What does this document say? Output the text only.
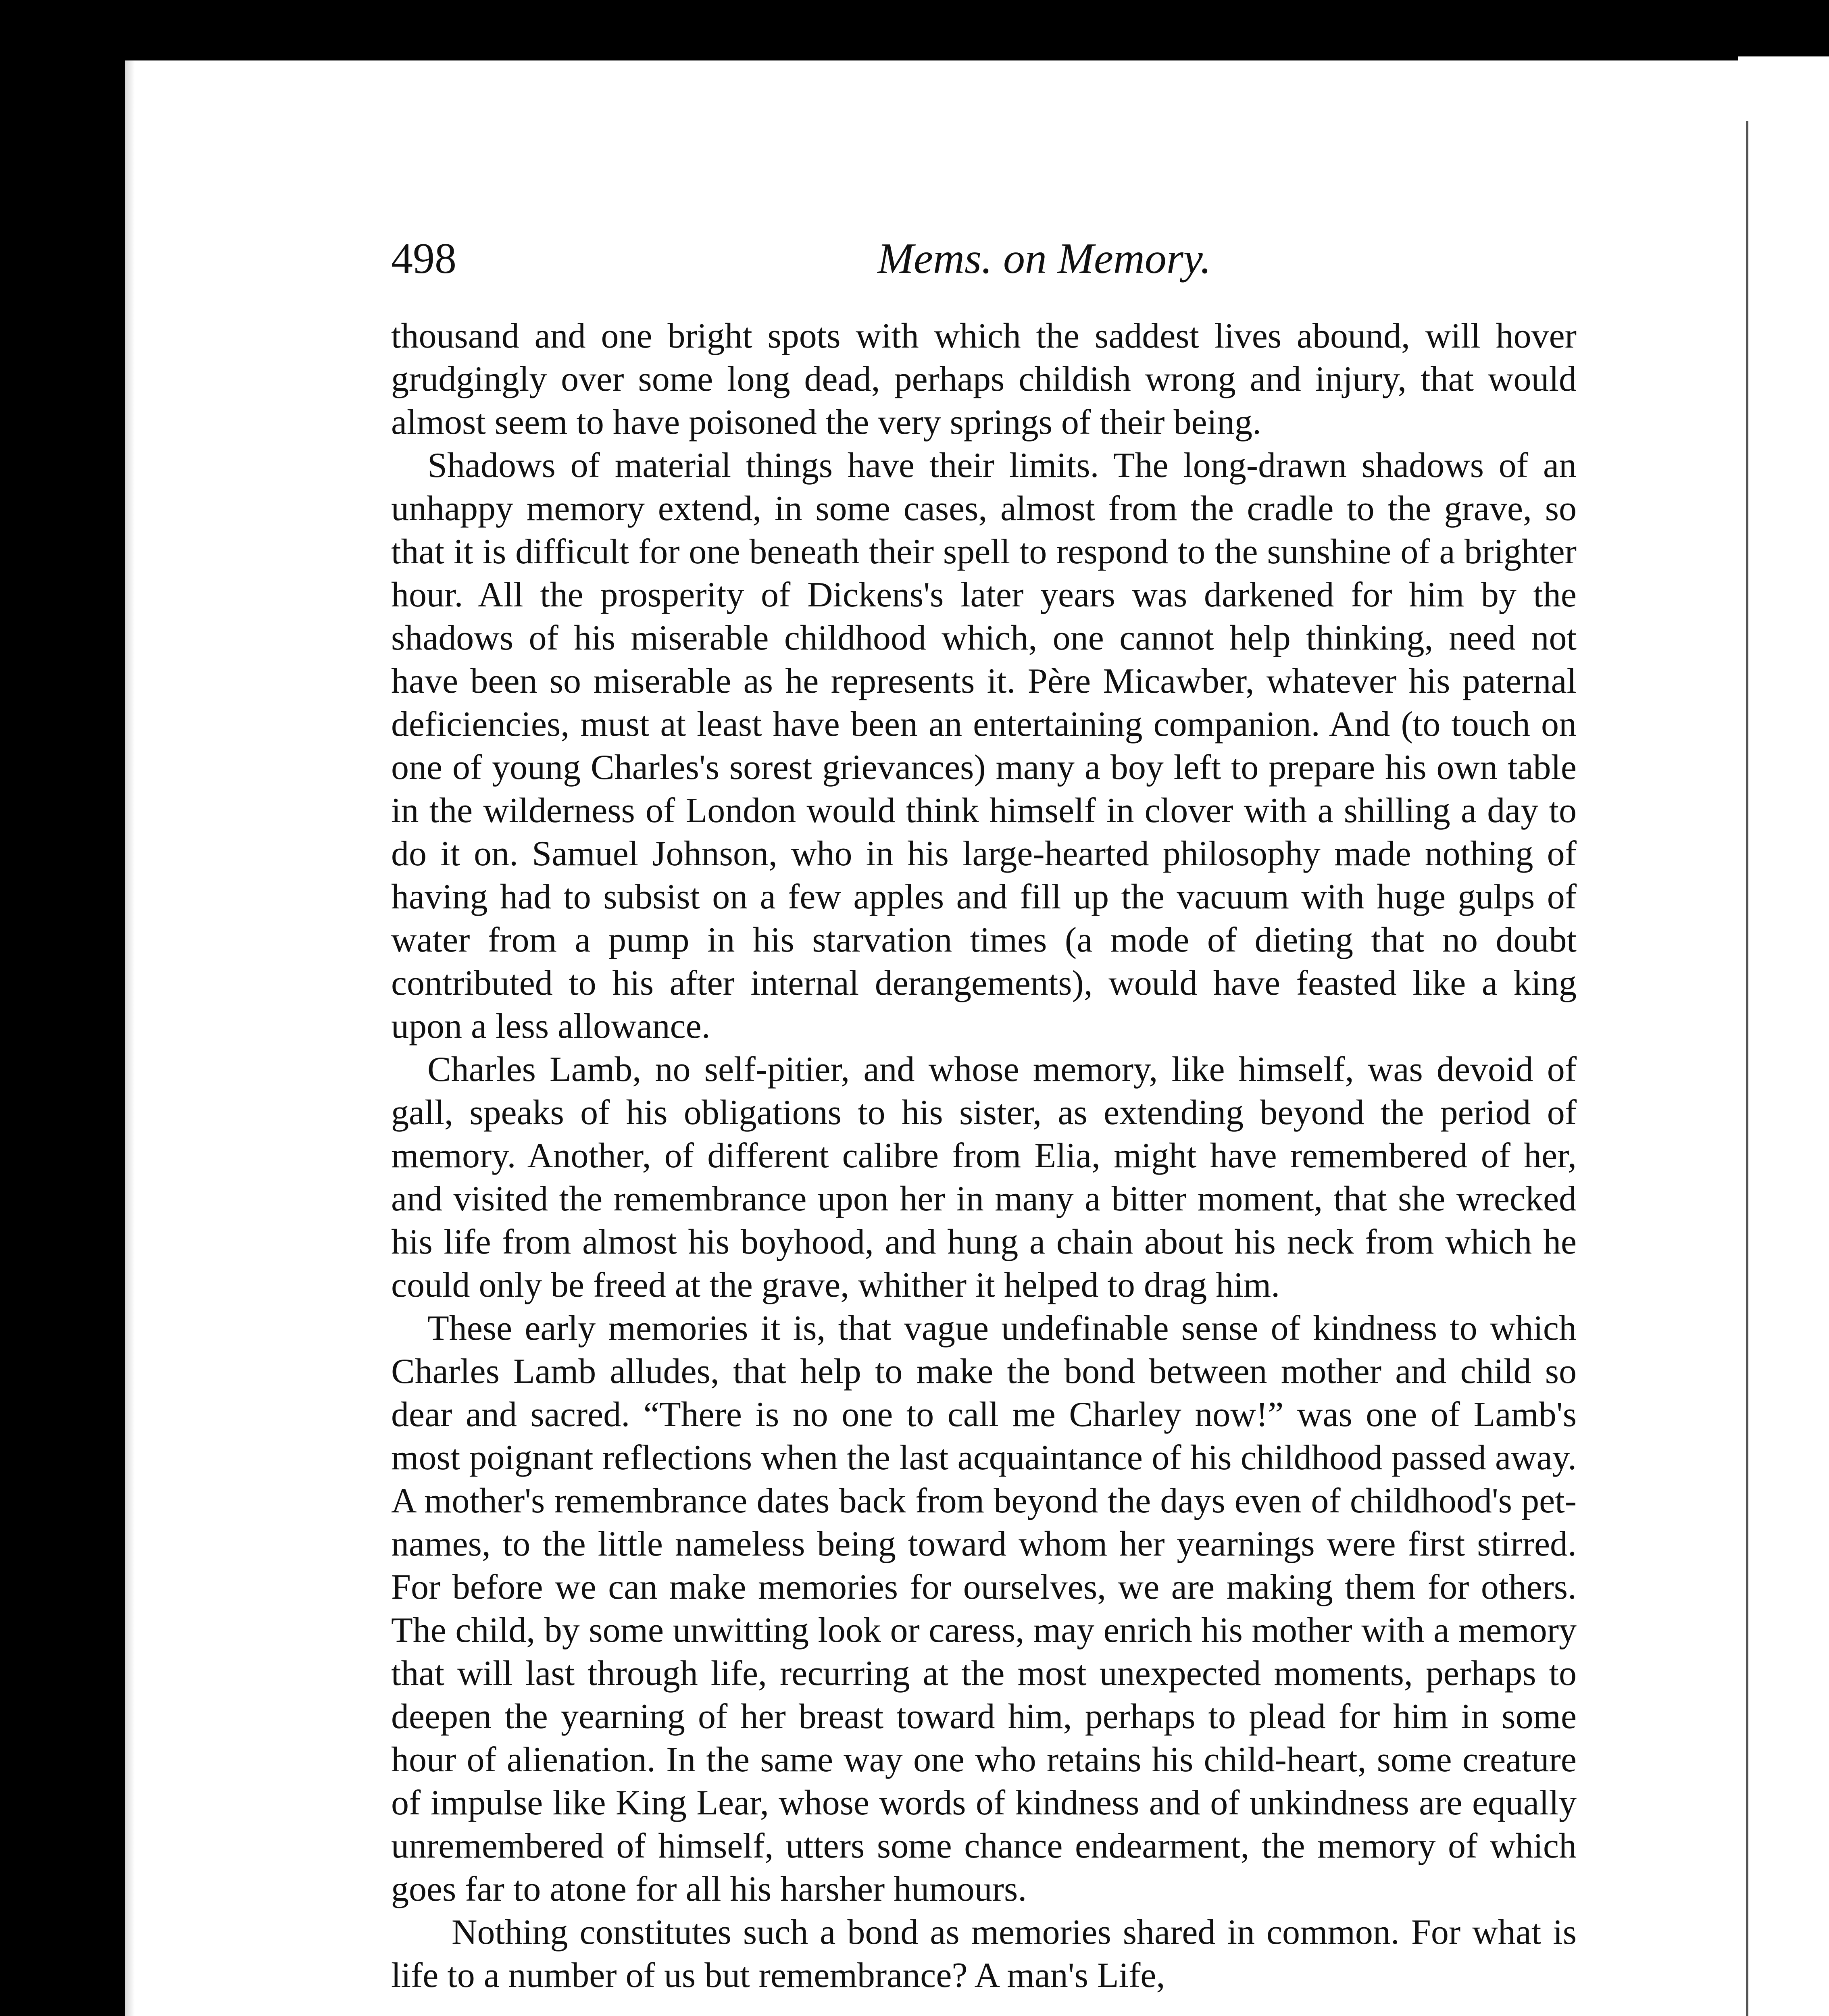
498	Mems. on Memory.

thousand and one bright spots with which the saddest lives abound, will hover grudgingly over some long dead, perhaps childish wrong and injury, that would almost seem to have poisoned the very springs of their being.

Shadows of material things have their limits. The long-drawn shadows of an unhappy memory extend, in some cases, almost from the cradle to the grave, so that it is difficult for one beneath their spell to respond to the sunshine of a brighter hour. All the prosperity of Dickens's later years was darkened for him by the shadows of his miserable childhood which, one cannot help thinking, need not have been so miserable as he represents it. Père Micawber, whatever his paternal deficiencies, must at least have been an entertaining companion. And (to touch on one of young Charles's sorest grievances) many a boy left to prepare his own table in the wilderness of London would think himself in clover with a shilling a day to do it on. Samuel Johnson, who in his large-hearted philosophy made nothing of having had to subsist on a few apples and fill up the vacuum with huge gulps of water from a pump in his starvation times (a mode of dieting that no doubt contributed to his after internal derangements), would have feasted like a king upon a less allowance.

Charles Lamb, no self-pitier, and whose memory, like himself, was devoid of gall, speaks of his obligations to his sister, as extending beyond the period of memory. Another, of different calibre from Elia, might have remembered of her, and visited the remembrance upon her in many a bitter moment, that she wrecked his life from almost his boyhood, and hung a chain about his neck from which he could only be freed at the grave, whither it helped to drag him.

These early memories it is, that vague undefinable sense of kindness to which Charles Lamb alludes, that help to make the bond between mother and child so dear and sacred. “There is no one to call me Charley now!” was one of Lamb's most poignant reflections when the last acquaintance of his childhood passed away. A mother's remembrance dates back from beyond the days even of childhood's pet-names, to the little nameless being toward whom her yearnings were first stirred. For before we can make memories for ourselves, we are making them for others. The child, by some unwitting look or caress, may enrich his mother with a memory that will last through life, recurring at the most unexpected moments, perhaps to deepen the yearning of her breast toward him, perhaps to plead for him in some hour of alienation. In the same way one who retains his child-heart, some creature of impulse like King Lear, whose words of kindness and of unkindness are equally unremembered of himself, utters some chance endearment, the memory of which goes far to atone for all his harsher humours.

Nothing constitutes such a bond as memories shared in common. For what is life to a number of us but remembrance? A man's Life,
